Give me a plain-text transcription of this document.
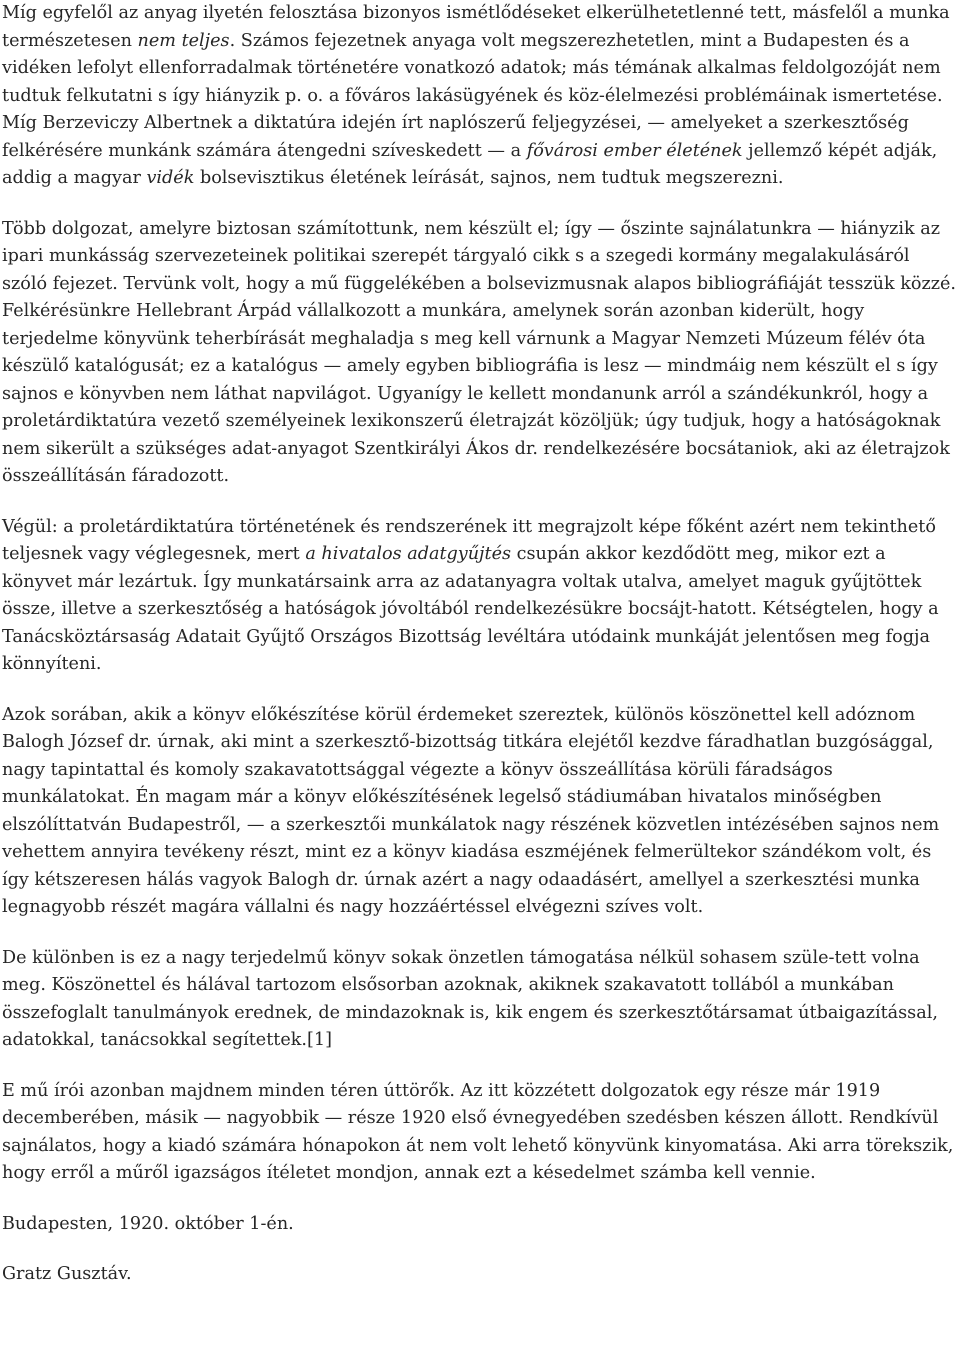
Míg egyfelől az anyag ilyetén felosztása bizonyos ismétlődéseket elkerülhetetlenné tett, másfelől a munka természetesen nem teljes. Számos fejezetnek anyaga volt megszerezhetetlen, mint a Budapesten és a vidéken lefolyt ellenforradalmak történetére vonatkozó adatok; más témának alkalmas feldolgozóját nem tudtuk felkutatni s így hiányzik p. o. a főváros lakásügyének és köz-élelmezési problémáinak ismertetése. Míg Berzeviczy Albertnek a diktatúra idején írt naplószerű feljegyzései, — amelyeket a szerkesztőség felkérésére munkánk számára átengedni szíveskedett — a fővárosi ember életének jellemző képét adják, addig a magyar vidék bolsevisztikus életének leírását, sajnos, nem tudtuk megszerezni.

Több dolgozat, amelyre biztosan számítottunk, nem készült el; így — őszinte sajnálatunkra — hiányzik az ipari munkásság szervezeteinek politikai szerepét tárgyaló cikk s a szegedi kormány megalakulásáról szóló fejezet. Tervünk volt, hogy a mű függelékében a bolsevizmusnak alapos bibliográfiáját tesszük közzé. Felkérésünkre Hellebrant Árpád vállalkozott a munkára, amelynek során azonban kiderült, hogy terjedelme könyvünk teherbírását meghaladja s meg kell várnunk a Magyar Nemzeti Múzeum félév óta készülő katalógusát; ez a katalógus — amely egyben bibliográfia is lesz — mindmáig nem készült el s így sajnos e könyvben nem láthat napvilágot. Ugyanígy le kellett mondanunk arról a szándékunkról, hogy a proletárdiktatúra vezető személyeinek lexikonszerű életrajzát közöljük; úgy tudjuk, hogy a hatóságoknak nem sikerült a szükséges adat-anyagot Szentkirályi Ákos dr. rendelkezésére bocsátaniok, aki az életrajzok összeállításán fáradozott.

Végül: a proletárdiktatúra történetének és rendszerének itt megrajzolt képe főként azért nem tekinthető teljesnek vagy véglegesnek, mert a hivatalos adatgyűjtés csupán akkor kezdődött meg, mikor ezt a könyvet már lezártuk. Így munkatársaink arra az adatanyagra voltak utalva, amelyet maguk gyűjtöttek össze, illetve a szerkesztőség a hatóságok jóvoltából rendelkezésükre bocsájt-hatott. Kétségtelen, hogy a Tanácsköztársaság Adatait Gyűjtő Országos Bizottság levéltára utódaink munkáját jelentősen meg fogja könnyíteni.

Azok sorában, akik a könyv előkészítése körül érdemeket szereztek, különös köszönettel kell adóznom Balogh József dr. úrnak, aki mint a szerkesztő-bizottság titkára elejétől kezdve fáradhatlan buzgósággal, nagy tapintattal és komoly szakavatottsággal végezte a könyv összeállítása körüli fáradságos munkálatokat. Én magam már a könyv előkészítésének legelső stádiumában hivatalos minőségben elszólíttatván Budapestről, — a szerkesztői munkálatok nagy részének közvetlen intézésében sajnos nem vehettem annyira tevékeny részt, mint ez a könyv kiadása eszméjének felmerültekor szándékom volt, és így kétszeresen hálás vagyok Balogh dr. úrnak azért a nagy odaadásért, amellyel a szerkesztési munka legnagyobb részét magára vállalni és nagy hozzáértéssel elvégezni szíves volt.

De különben is ez a nagy terjedelmű könyv sokak önzetlen támogatása nélkül sohasem szüle-tett volna meg. Köszönettel és hálával tartozom elsősorban azoknak, akiknek szakavatott tollából a munkában összefoglalt tanulmányok erednek, de mindazoknak is, kik engem és szerkesztőtársamat útbaigazítással, adatokkal, tanácsokkal segítettek.[1]

E mű írói azonban majdnem minden téren úttörők. Az itt közzétett dolgozatok egy része már 1919 decemberében, másik — nagyobbik — része 1920 első évnegyedében szedésben készen állott. Rendkívül sajnálatos, hogy a kiadó számára hónapokon át nem volt lehető könyvünk kinyomatása. Aki arra törekszik, hogy erről a műről igazságos ítéletet mondjon, annak ezt a késedelmet számba kell vennie.

Budapesten, 1920. október 1-én.

Gratz Gusztáv.
